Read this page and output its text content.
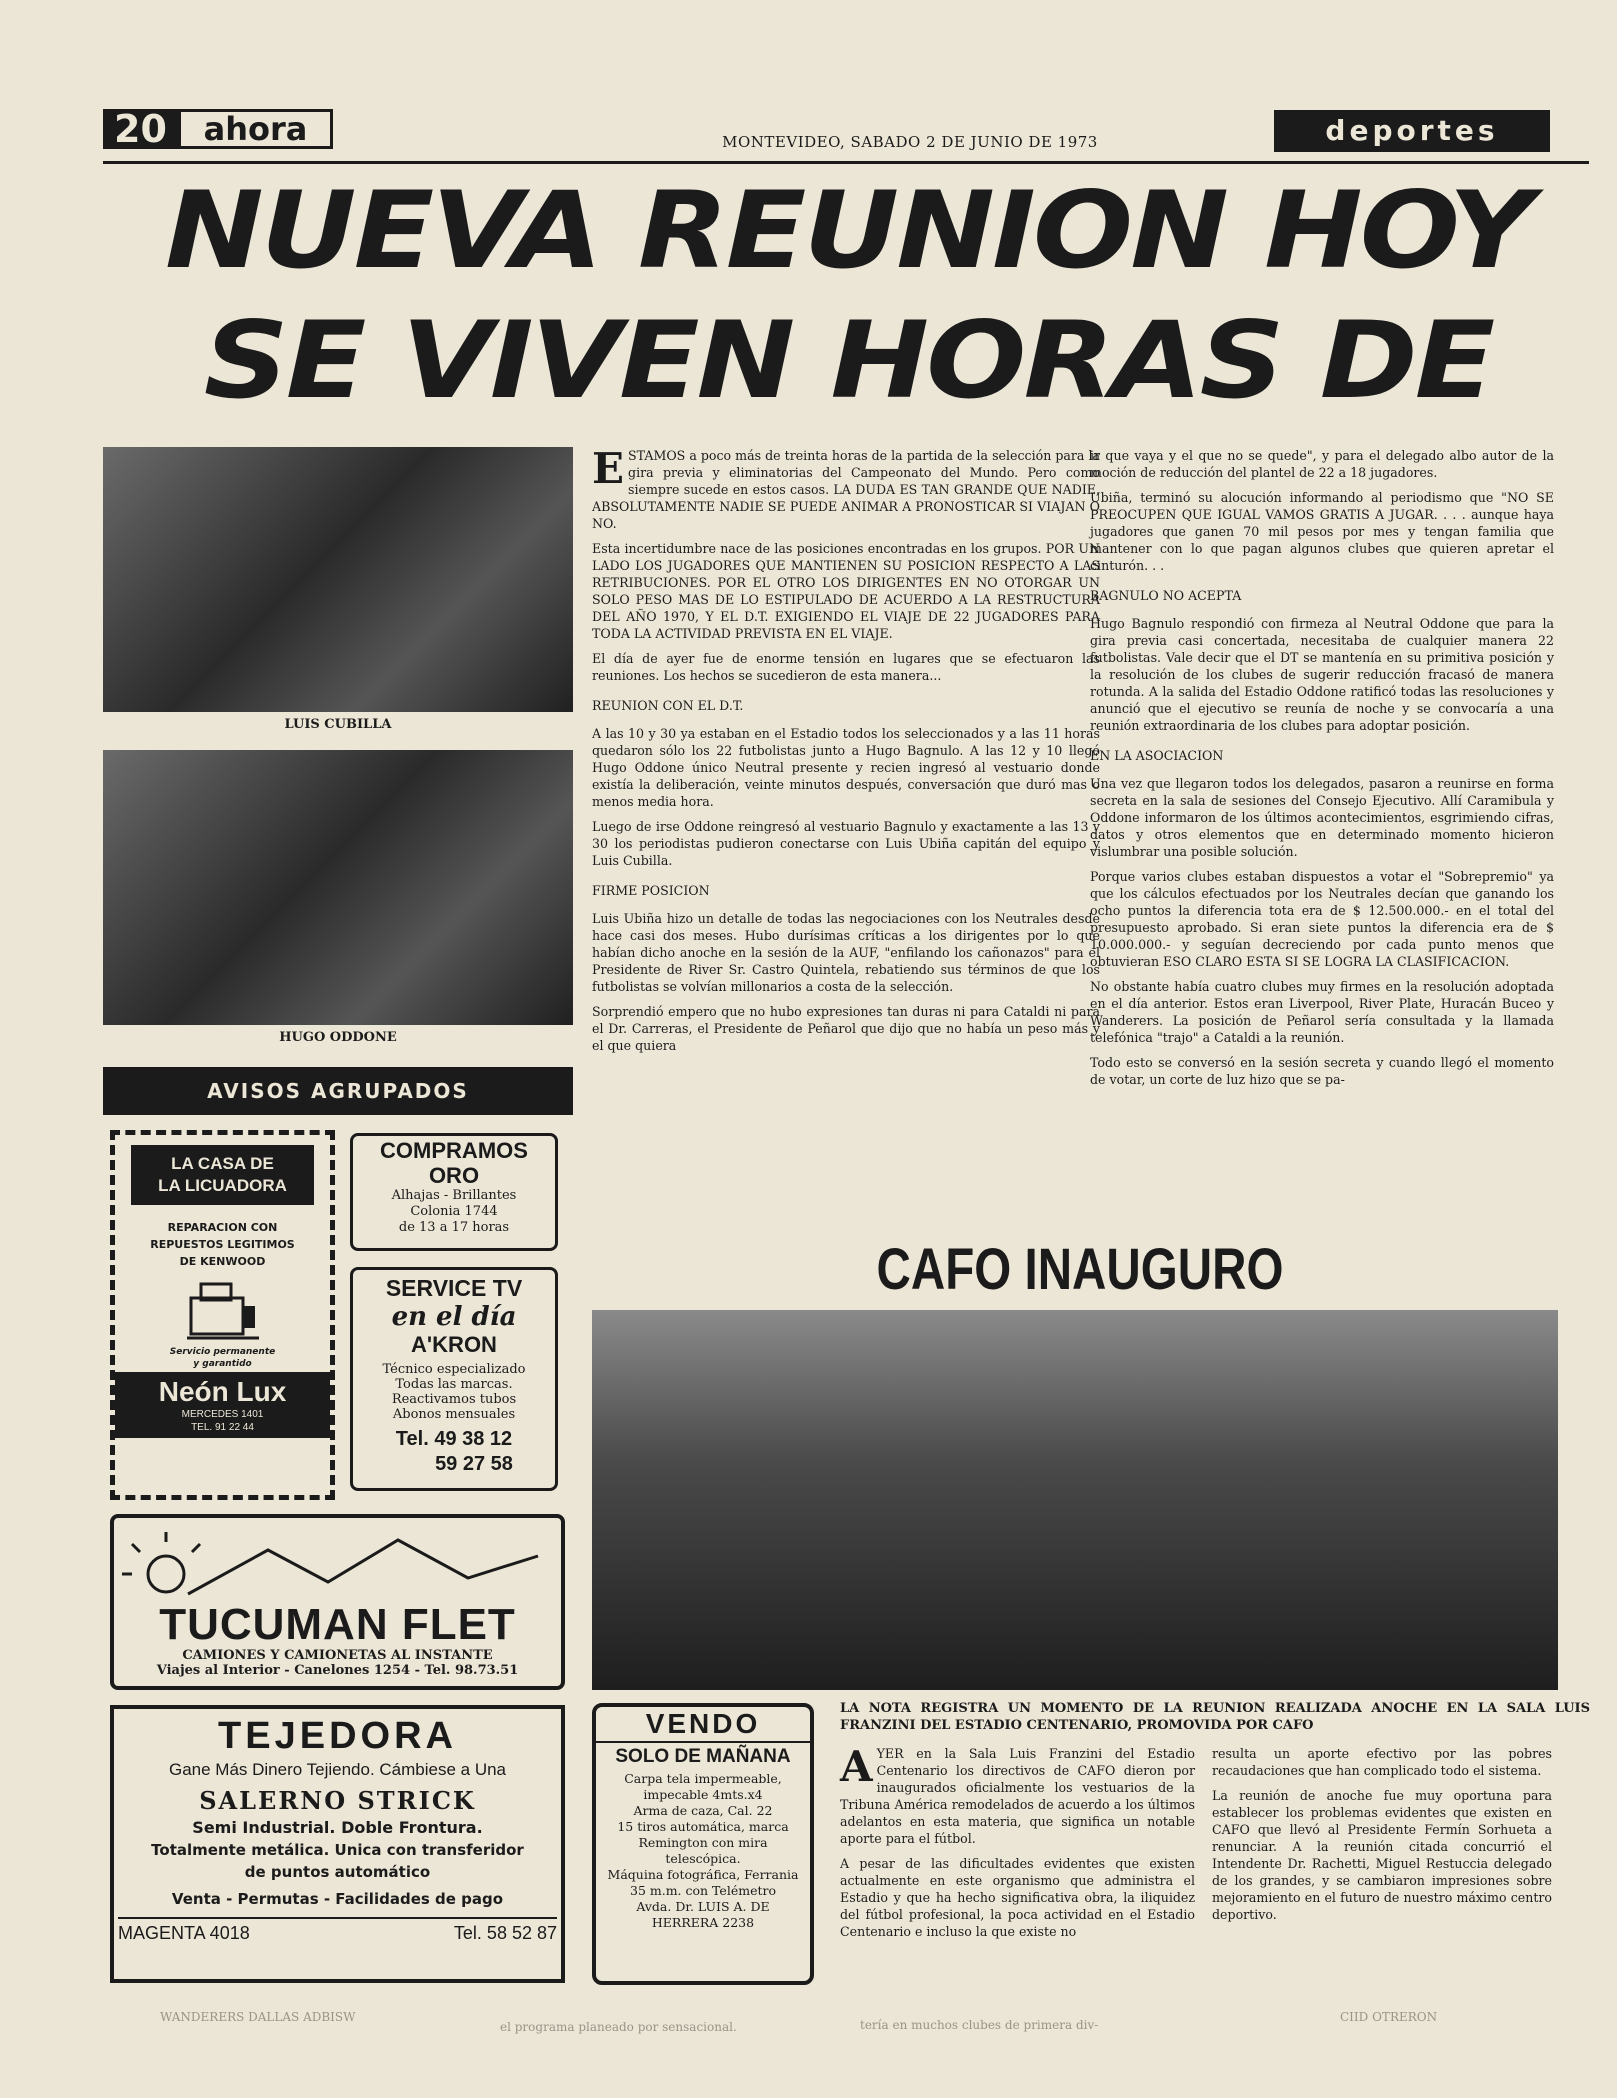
20	ahora	MONTEVIDEO, SABADO 2 DE JUNIO DE 1973	deportes
NUEVA REUNION HOY
SE VIVEN HORAS DE
LUIS CUBILLA
HUGO ODDONE

ESTAMOS a poco más de treinta horas de la partida de la selección para la gira previa y eliminatorias del Campeonato del Mundo. Pero como siempre sucede en estos casos. LA DUDA ES TAN GRANDE QUE NADIE, ABSOLUTAMENTE NADIE SE PUEDE ANIMAR A PRONOSTICAR SI VIAJAN O NO.

Esta incertidumbre nace de las posiciones encontradas en los grupos. POR UN LADO LOS JUGADORES QUE MANTIENEN SU POSICION RESPECTO A LAS RETRIBUCIONES. POR EL OTRO LOS DIRIGENTES EN NO OTORGAR UN SOLO PESO MAS DE LO ESTIPULADO DE ACUERDO A LA RESTRUCTURA DEL AÑO 1970, Y EL D.T. EXIGIENDO EL VIAJE DE 22 JUGADORES PARA TODA LA ACTIVIDAD PREVISTA EN EL VIAJE.

El día de ayer fue de enorme tensión en lugares que se efectuaron las reuniones. Los hechos se sucedieron de esta manera...

REUNION CON EL D.T.

A las 10 y 30 ya estaban en el Estadio todos los seleccionados y a las 11 horas quedaron sólo los 22 futbolistas junto a Hugo Bagnulo. A las 12 y 10 llegó Hugo Oddone único Neutral presente y recien ingresó al vestuario donde existía la deliberación, veinte minutos después, conversación que duró mas o menos media hora.

Luego de irse Oddone reingresó al vestuario Bagnulo y exactamente a las 13 y 30 los periodistas pudieron conectarse con Luis Ubiña capitán del equipo y Luis Cubilla.

FIRME POSICION

Luis Ubiña hizo un detalle de todas las negociaciones con los Neutrales desde hace casi dos meses. Hubo durísimas críticas a los dirigentes por lo que habían dicho anoche en la sesión de la AUF, "enfilando los cañonazos" para el Presidente de River Sr. Castro Quintela, rebatiendo sus términos de que los futbolistas se volvían millonarios a costa de la selección.

Sorprendió empero que no hubo expresiones tan duras ni para Cataldi ni para el Dr. Carreras, el Presidente de Peñarol que dijo que no había un peso más y el que quiera

ir que vaya y el que no se quede", y para el delegado albo autor de la moción de reducción del plantel de 22 a 18 jugadores.

Ubiña, terminó su alocución informando al periodismo que "NO SE PREOCUPEN QUE IGUAL VAMOS GRATIS A JUGAR. . . . aunque haya jugadores que ganen 70 mil pesos por mes y tengan familia que mantener con lo que pagan algunos clubes que quieren apretar el cinturón. . .

BAGNULO NO ACEPTA

Hugo Bagnulo respondió con firmeza al Neutral Oddone que para la gira previa casi concertada, necesitaba de cualquier manera 22 futbolistas. Vale decir que el DT se mantenía en su primitiva posición y la resolución de los clubes de sugerir reducción fracasó de manera rotunda. A la salida del Estadio Oddone ratificó todas las resoluciones y anunció que el ejecutivo se reunía de noche y se convocaría a una reunión extraordinaria de los clubes para adoptar posición.

EN LA ASOCIACION

Una vez que llegaron todos los delegados, pasaron a reunirse en forma secreta en la sala de sesiones del Consejo Ejecutivo. Allí Caramibula y Oddone informaron de los últimos acontecimientos, esgrimiendo cifras, datos y otros elementos que en determinado momento hicieron vislumbrar una posible solución.

Porque varios clubes estaban dispuestos a votar el "Sobrepremio" ya que los cálculos efectuados por los Neutrales decían que ganando los ocho puntos la diferencia tota era de $ 12.500.000.- en el total del presupuesto aprobado. Si eran siete puntos la diferencia era de $ 10.000.000.- y seguían decreciendo por cada punto menos que obtuvieran ESO CLARO ESTA SI SE LOGRA LA CLASIFICACION.

No obstante había cuatro clubes muy firmes en la resolución adoptada en el día anterior. Estos eran Liverpool, River Plate, Huracán Buceo y Wanderers. La posición de Peñarol sería consultada y la llamada telefónica "trajo" a Cataldi a la reunión.

Todo esto se conversó en la sesión secreta y cuando llegó el momento de votar, un corte de luz hizo que se pa-

AVISOS AGRUPADOS
LA CASA DE
LA LICUADORA
REPARACION CON
REPUESTOS LEGITIMOS
DE KENWOOD
Servicio permanente
y garantido
Neón Lux
MERCEDES 1401
TEL. 91 22 44
COMPRAMOS
ORO
Alhajas - Brillantes
Colonia 1744
de 13 a 17 horas
SERVICE TV
en el día
A'KRON
Técnico especializado
Todas las marcas.
Reactivamos tubos
Abonos mensuales
Tel. 49 38 12
59 27 58
TUCUMAN FLET
CAMIONES Y CAMIONETAS AL INSTANTE
Viajes al Interior - Canelones 1254 - Tel. 98.73.51
TEJEDORA
Gane Más Dinero Tejiendo. Cámbiese a Una
SALERNO STRICK
Semi Industrial. Doble Frontura.
Totalmente metálica. Unica con transferidor
de puntos automático
Venta - Permutas - Facilidades de pago
MAGENTA 4018	Tel. 58 52 87
CAFO INAUGURO
VENDO
SOLO DE MAÑANA
Carpa tela impermeable, impecable 4mts.x4
Arma de caza, Cal. 22
15 tiros automática, marca Remington con mira telescópica.
Máquina fotográfica, Ferrania 35 m.m. con Telémetro
Avda. Dr. LUIS A. DE HERRERA 2238
LA NOTA REGISTRA UN MOMENTO DE LA REUNION REALIZADA ANOCHE EN LA SALA LUIS FRANZINI DEL ESTADIO CENTENARIO, PROMOVIDA POR CAFO

AYER en la Sala Luis Franzini del Estadio Centenario los directivos de CAFO dieron por inaugurados oficialmente los vestuarios de la Tribuna América remodelados de acuerdo a los últimos adelantos en esta materia, que significa un notable aporte para el fútbol.

A pesar de las dificultades evidentes que existen actualmente en este organismo que administra el Estadio y que ha hecho significativa obra, la iliquidez del fútbol profesional, la poca actividad en el Estadio Centenario e incluso la que existe no

resulta un aporte efectivo por las pobres recaudaciones que han complicado todo el sistema.

La reunión de anoche fue muy oportuna para establecer los problemas evidentes que existen en CAFO que llevó al Presidente Fermín Sorhueta a renunciar. A la reunión citada concurrió el Intendente Dr. Rachetti, Miguel Restuccia delegado de los grandes, y se cambiaron impresiones sobre mejoramiento en el futuro de nuestro máximo centro deportivo.

WANDERERS DALLAS ADBISW
el programa planeado por sensacional.	tería en muchos clubes de primera div-
CIID OTRERON
